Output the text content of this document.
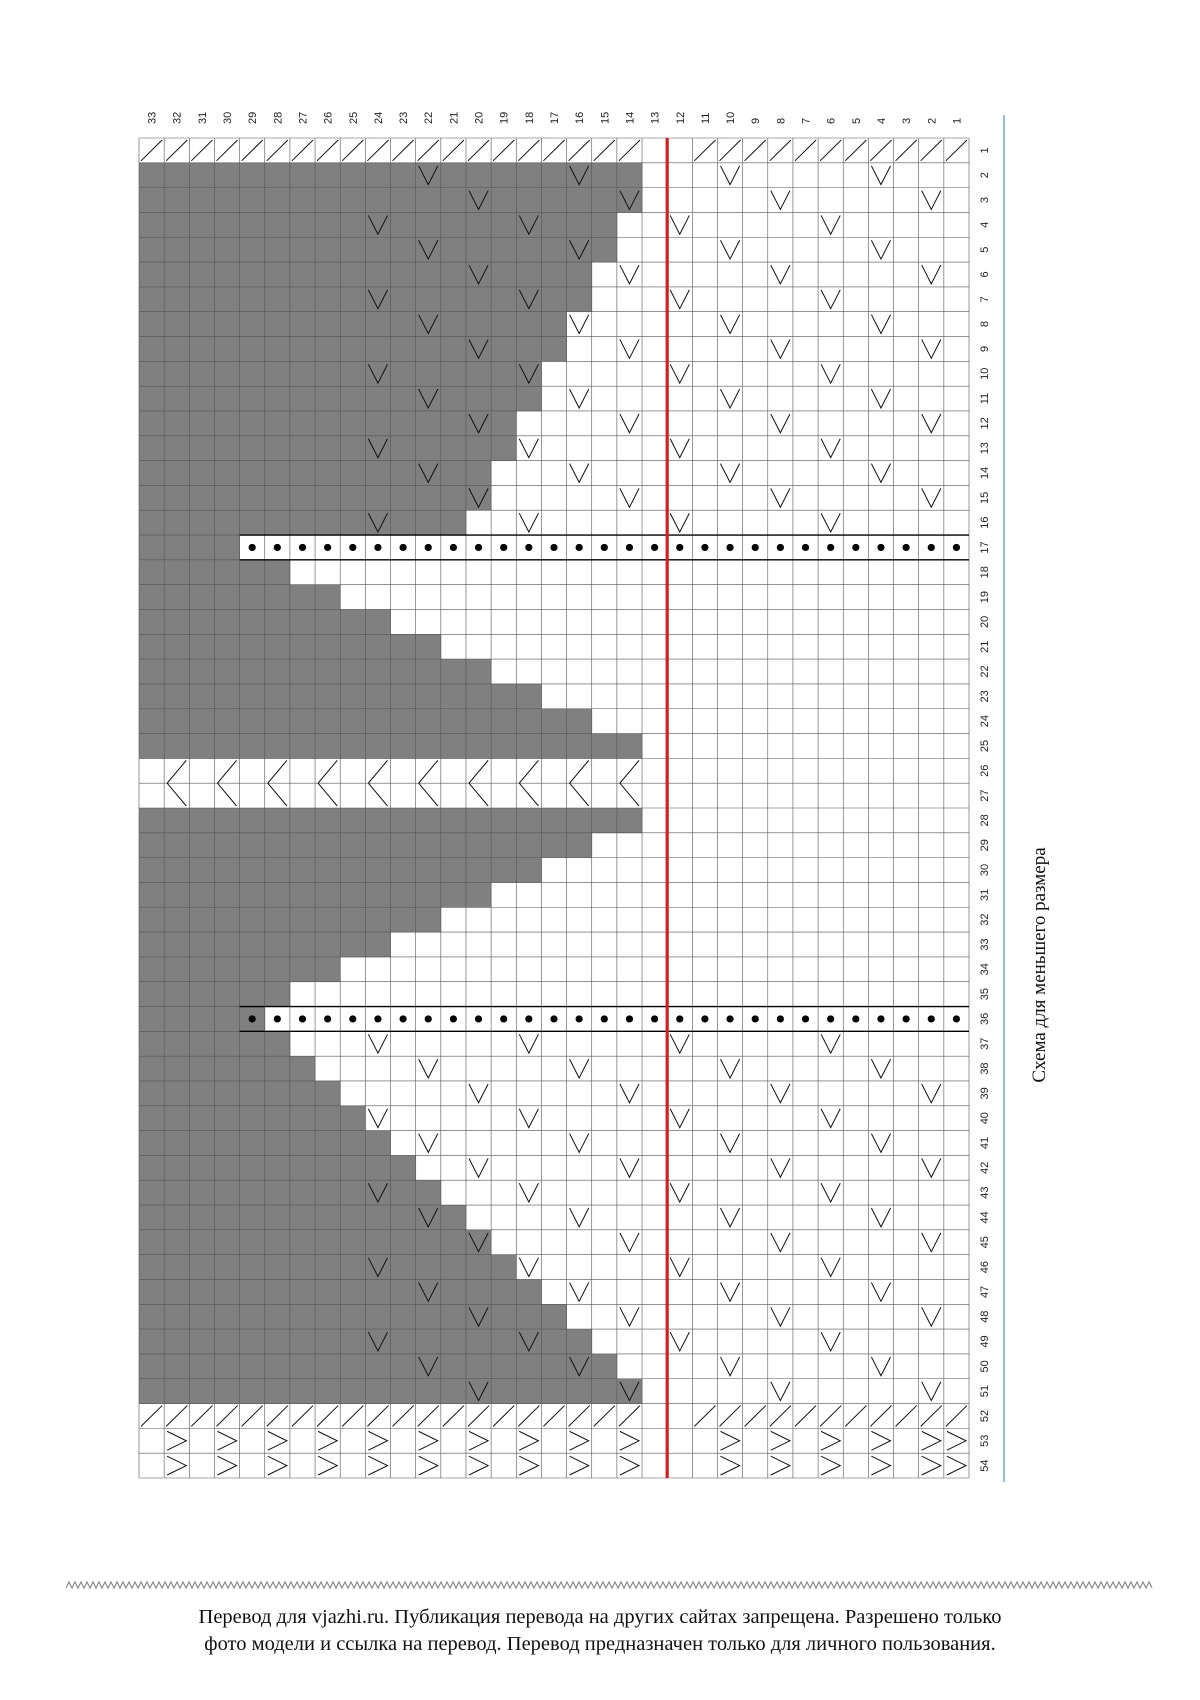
1
2
3
4
5
6
7
8
9
10
11
12
13
14
15
16
17
18
19
20
21
22
23
24
25
26
27
28
29
30
31
32
33
1
2
3
4
5
6
7
8
9
10
11
12
13
14
15
16
17
18
19
20
21
22
23
24
25
26
27
28
29
30
31
32
33
34
35
36
37
38
39
40
41
42
43
44
45
46
47
48
49
50
51
52
53
54
Схема для меньшего размера
Перевод для vjazhi.ru. Публикация перевода на других сайтах запрещена. Разрешено только
фото модели и ссылка на перевод. Перевод предназначен только для личного пользования.
